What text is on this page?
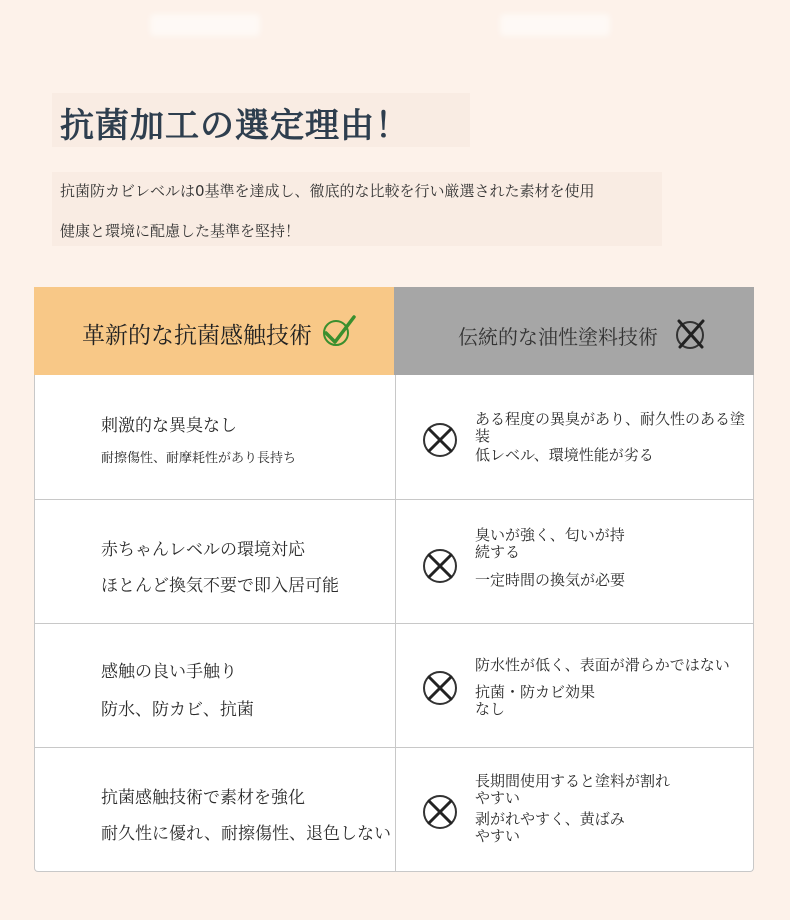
抗菌加工の選定理由！
抗菌防カビレベルは0基準を達成し、徹底的な比較を行い厳選された素材を使用
健康と環境に配慮した基準を堅持！
革新的な抗菌感触技術	伝統的な油性塗料技術
刺激的な異臭なし
耐擦傷性、耐摩耗性があり長持ち
ある程度の異臭があり、耐久性のある塗装
低レベル、環境性能が劣る
赤ちゃんレベルの環境対応
ほとんど換気不要で即入居可能
臭いが強く、匂いが持
続する
一定時間の換気が必要
感触の良い手触り
防水、防カビ、抗菌
防水性が低く、表面が滑らかではない
抗菌・防カビ効果
なし
抗菌感触技術で素材を強化
耐久性に優れ、耐擦傷性、退色しない
長期間使用すると塗料が割れ
やすい
剥がれやすく、黄ばみ
やすい
